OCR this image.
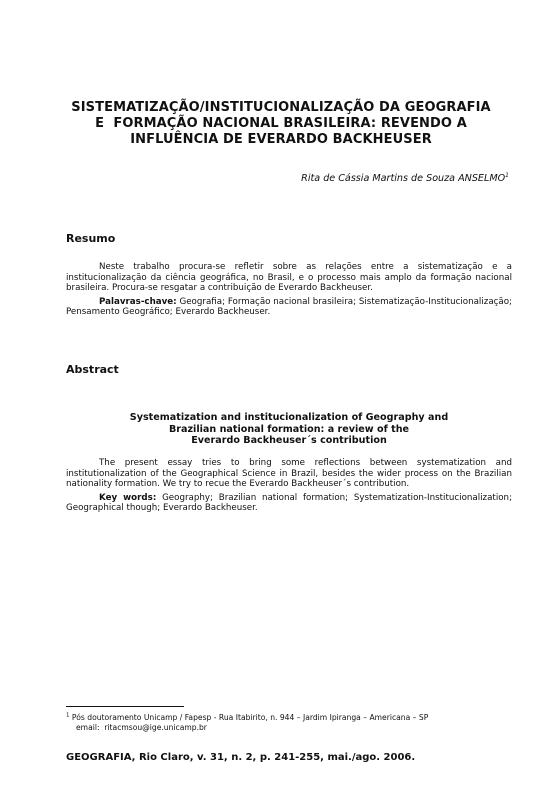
SISTEMATIZAÇÃO/INSTITUCIONALIZAÇÃO DA GEOGRAFIA
E  FORMAÇÃO NACIONAL BRASILEIRA: REVENDO A
INFLUÊNCIA DE EVERARDO BACKHEUSER
Rita de Cássia Martins de Souza ANSELMO$^1$
Resumo

Neste trabalho procura-se refletir sobre as relações entre a sistematização e a institucionalização da ciência geográfica, no Brasil, e o processo mais amplo da formação nacional brasileira. Procura-se resgatar a contribuição de Everardo Backheuser.

Palavras-chave: Geografia; Formação nacional brasileira; Sistematização-Institucionalização; Pensamento Geográfico; Everardo Backheuser.

Abstract
Systematization and institucionalization of Geography and
Brazilian national formation: a review of the
Everardo Backheuser´s contribution

The present essay tries to bring some reflections between systematization and institutionalization of the Geographical Science in Brazil, besides the wider process on the Brazilian nationality formation. We try to recue the Everardo Backheuser´s contribution.

Key words: Geography; Brazilian national formation; Systematization-Institucionalization; Geographical though; Everardo Backheuser.

$^1$ Pós doutoramento Unicamp / Fapesp - Rua Itabirito, n. 944 – Jardim Ipiranga – Americana – SP
email:  ritacmsou@ige.unicamp.br
GEOGRAFIA, Rio Claro, v. 31, n. 2, p. 241-255, mai./ago. 2006.
